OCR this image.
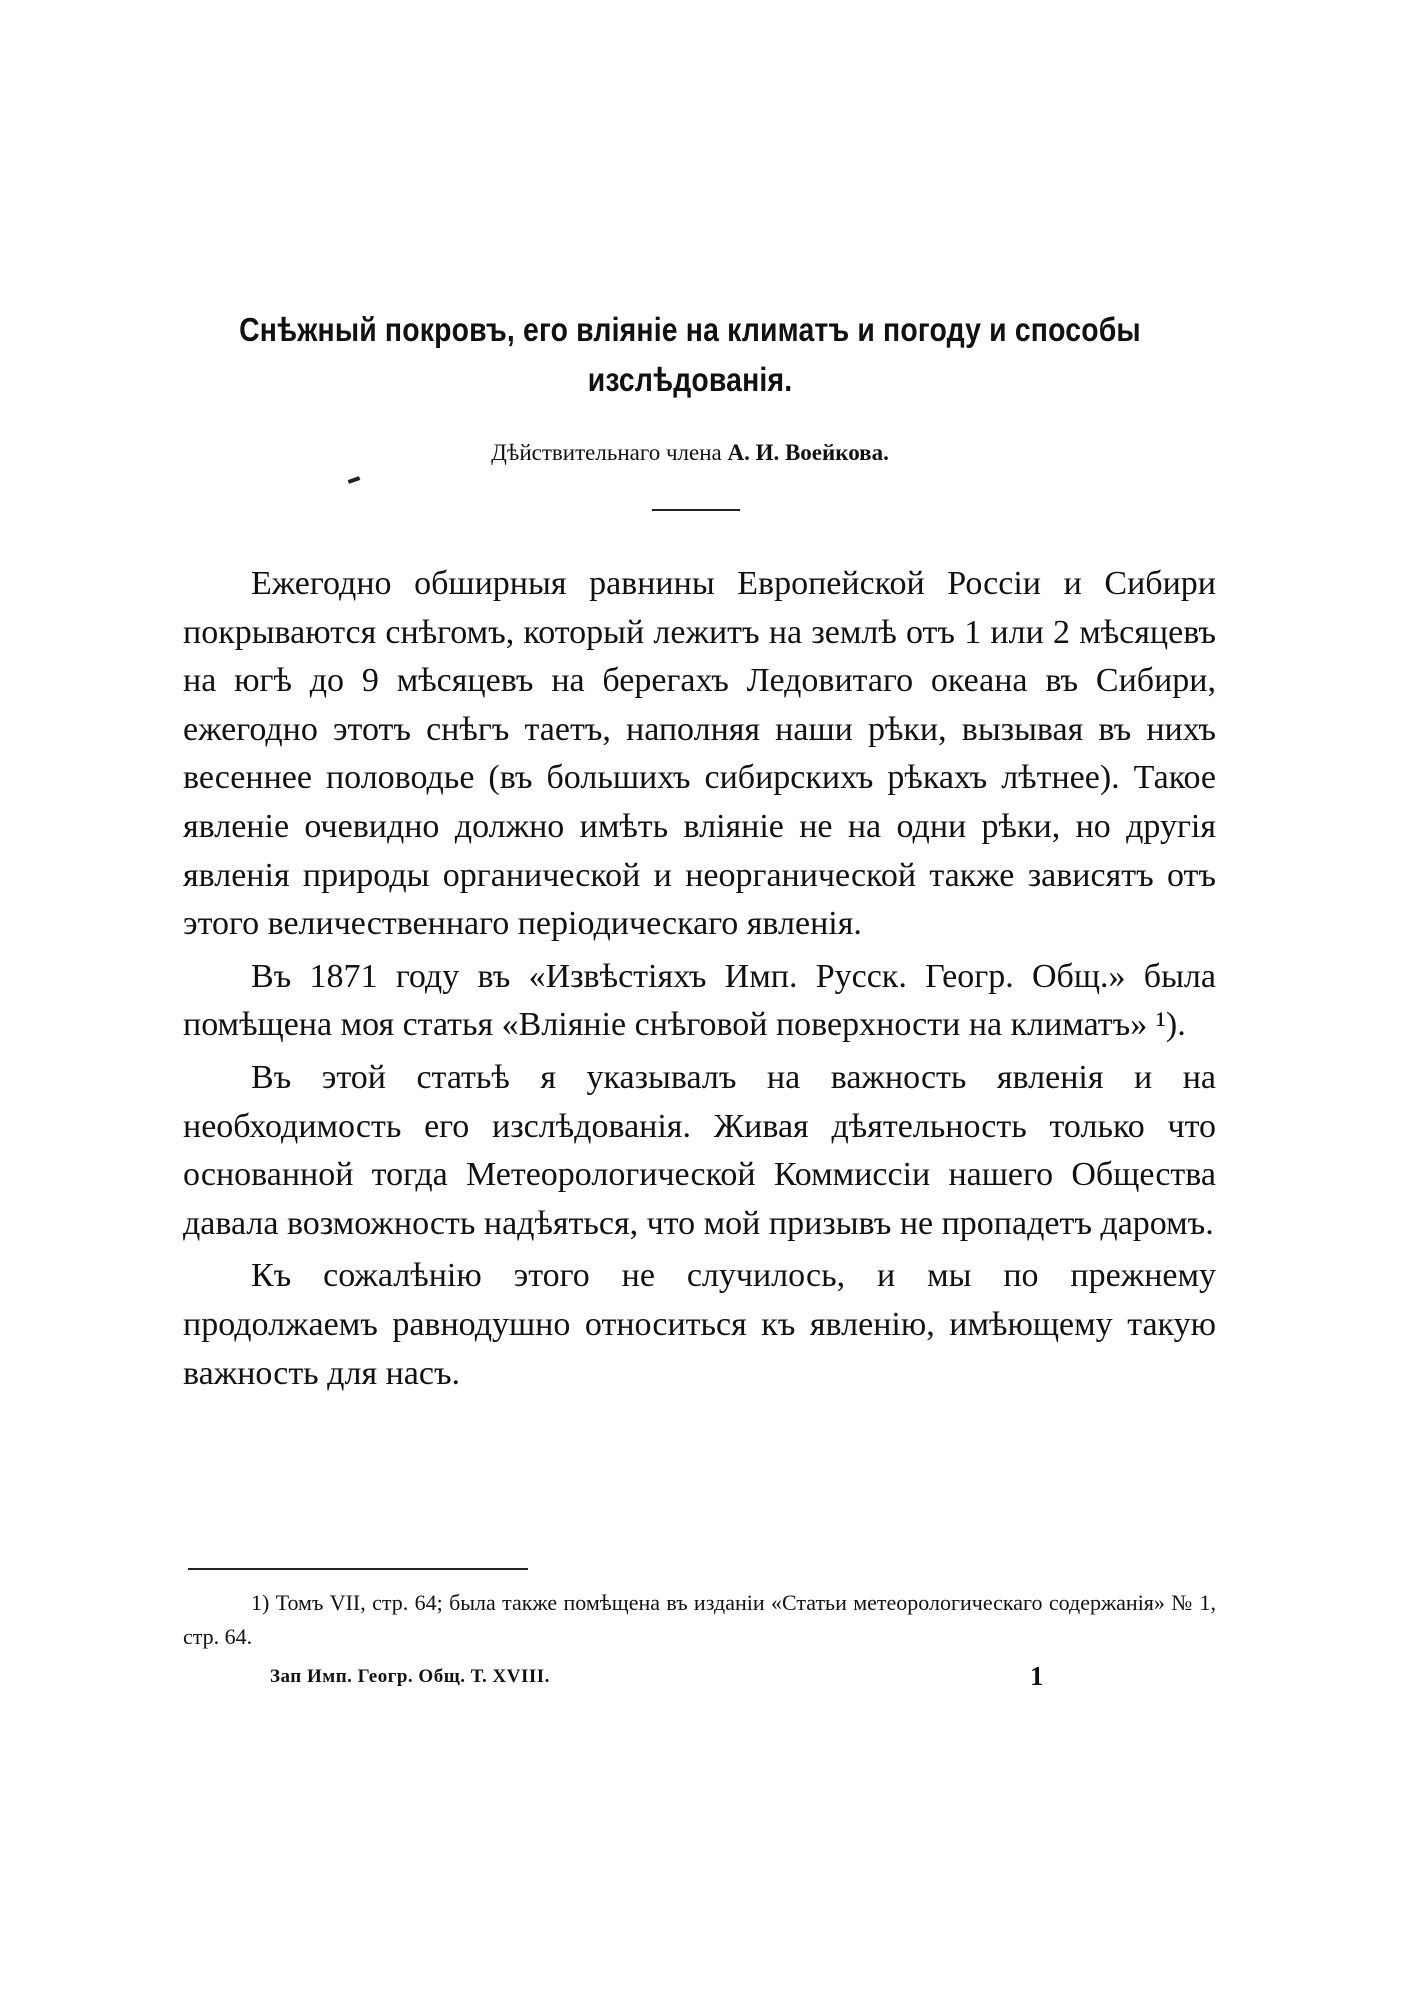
Снѣжный покровъ, его вліяніе на климатъ и погоду и способы
изслѣдованія.
Дѣйствительнаго члена А. И. Воейкова.

Ежегодно обширныя равнины Европейской Россіи и Сибири покрываются снѣгомъ, который лежитъ на землѣ отъ 1 или 2 мѣсяцевъ на югѣ до 9 мѣсяцевъ на берегахъ Ледовитаго океана въ Сибири, ежегодно этотъ снѣгъ таетъ, наполняя наши рѣки, вызывая въ нихъ весеннее половодье (въ большихъ сибирскихъ рѣкахъ лѣтнее). Такое явленіе очевидно должно имѣть вліяніе не на одни рѣки, но другія явленія природы органической и неорганической также зависятъ отъ этого величественнаго періодическаго явленія.

Въ 1871 году въ «Извѣстіяхъ Имп. Русск. Геогр. Общ.» была помѣщена моя статья «Вліяніе снѣговой поверхности на климатъ» ¹).

Въ этой статьѣ я указывалъ на важность явленія и на необходимость его изслѣдованія. Живая дѣятельность только что основанной тогда Метеорологической Коммиссіи нашего Общества давала возможность надѣяться, что мой призывъ не пропадетъ даромъ.

Къ сожалѣнію этого не случилось, и мы по прежнему продолжаемъ равнодушно относиться къ явленію, имѣющему такую важность для насъ.

1) Томъ VII, стр. 64; была также помѣщена въ изданіи «Статьи метеорологическаго содержанія» № 1, стр. 64.
Зап Имп. Геогр. Общ. Т. XVIII.	1
